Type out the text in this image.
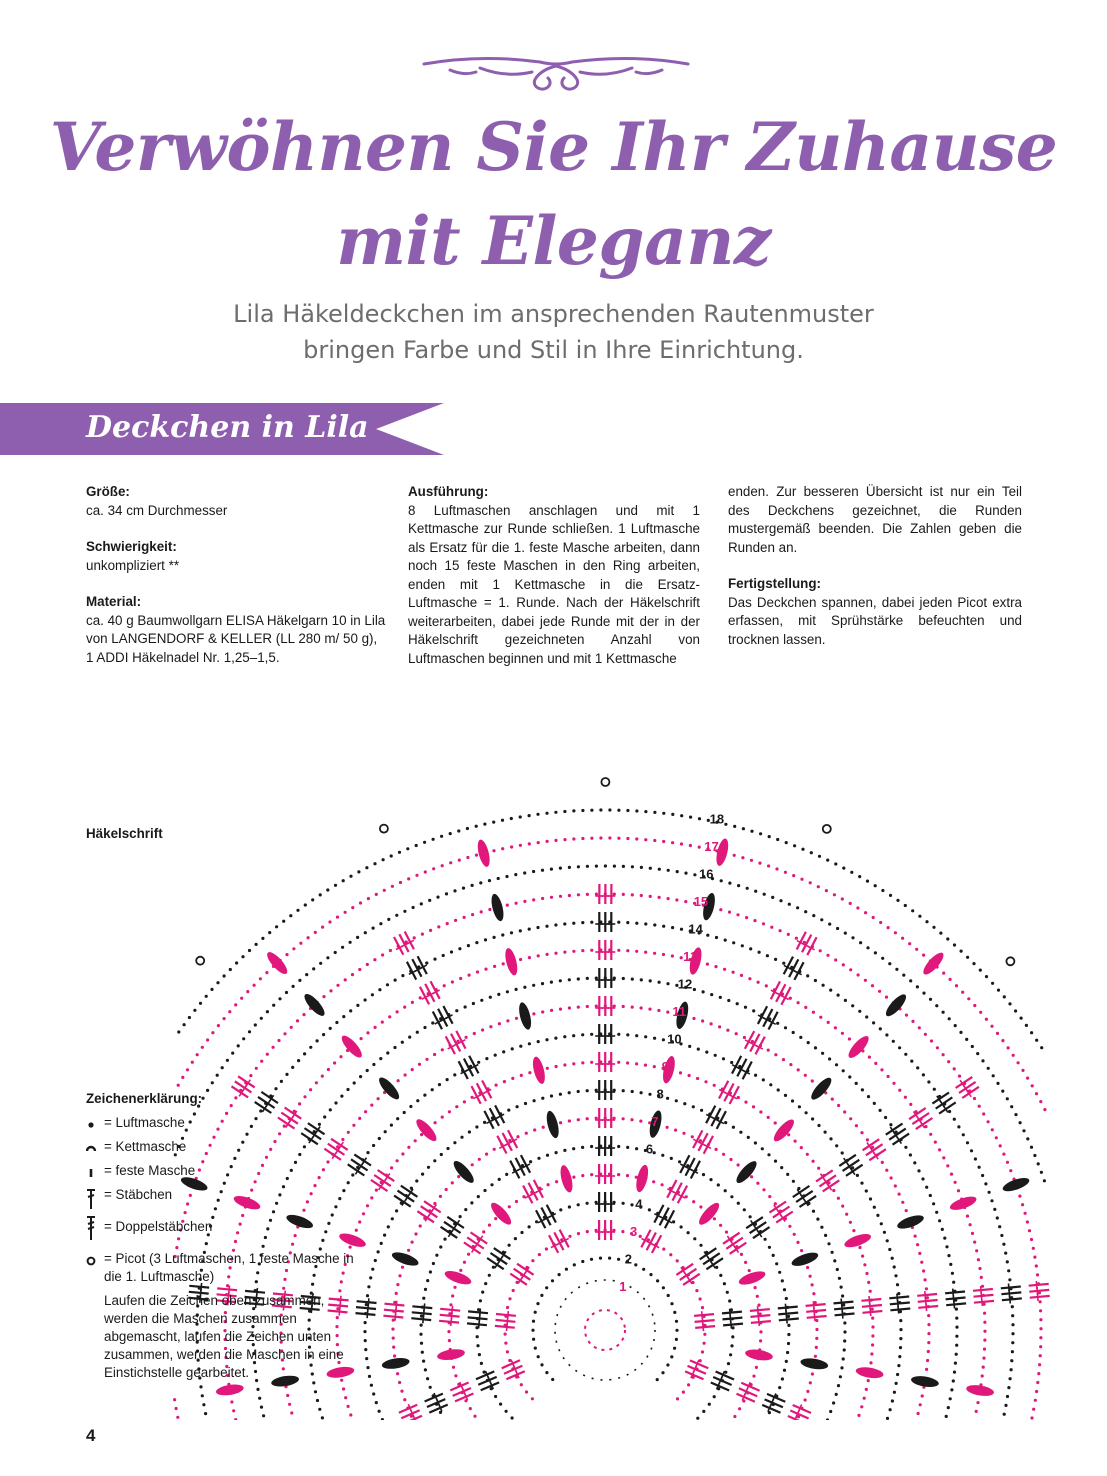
Verwöhnen Sie Ihr Zuhause
mit Eleganz
Lila Häkeldeckchen im ansprechenden Rautenmuster
bringen Farbe und Stil in Ihre Einrichtung.
Deckchen in Lila
Größe:
ca. 34 cm Durchmesser
Schwierigkeit:
unkompliziert **
Material:
ca. 40 g Baumwollgarn ELISA Häkelgarn 10 in Lila von LANGENDORF & KELLER (LL 280 m/ 50 g), 1 ADDI Häkelnadel Nr. 1,25–1,5.
Ausführung:
8 Luftmaschen anschlagen und mit 1 Kettmasche zur Runde schließen. 1 Luftmasche als Ersatz für die 1. feste Masche arbeiten, dann noch 15 feste Maschen in den Ring arbeiten, enden mit 1 Kettmasche in die Ersatz-Luftmasche = 1. Runde. Nach der Häkelschrift weiterarbeiten, dabei jede Runde mit der in der Häkelschrift gezeichneten Anzahl von Luftmaschen beginnen und mit 1 Kettmasche
enden. Zur besseren Übersicht ist nur ein Teil des Deckchens gezeichnet, die Runden mustergemäß beenden. Die Zahlen geben die Runden an.
Fertigstellung:
Das Deckchen spannen, dabei jeden Picot extra erfassen, mit Sprühstärke befeuchten und trocknen lassen.
Häkelschrift
1
2
3
4
5
6
7
8
9
10
11
12
13
14
15
16
17
18
Zeichenerklärung:
= Luftmasche
= Kettmasche
= feste Masche
= Stäbchen
= Doppelstäbchen
= Picot (3 Luftmaschen, 1 feste Masche in die 1. Luftmasche)
Laufen die Zeichen oben zusammen, werden die Maschen zusammen abgemascht, laufen die Zeichen unten zusammen, werden die Maschen in eine Einstichstelle gearbeitet.
4
